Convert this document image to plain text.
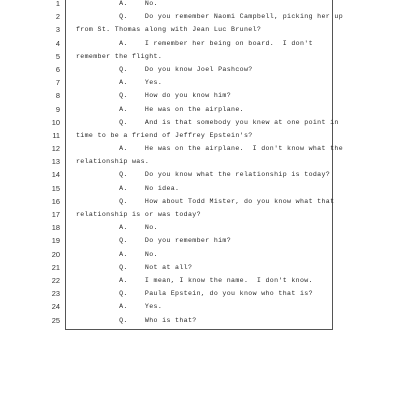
1 A.    No.
2 Q.    Do you remember Naomi Campbell, picking her up
3 from St. Thomas along with Jean Luc Brunel?
4 A.    I remember her being on board.  I don't
5 remember the flight.
6 Q.    Do you know Joel Pashcow?
7 A.    Yes.
8 Q.    How do you know him?
9 A.    He was on the airplane.
10 Q.    And is that somebody you knew at one point in
11 time to be a friend of Jeffrey Epstein's?
12 A.    He was on the airplane.  I don't know what the
13 relationship was.
14 Q.    Do you know what the relationship is today?
15 A.    No idea.
16 Q.    How about Todd Mister, do you know what that
17 relationship is or was today?
18 A.    No.
19 Q.    Do you remember him?
20 A.    No.
21 Q.    Not at all?
22 A.    I mean, I know the name.  I don't know.
23 Q.    Paula Epstein, do you know who that is?
24 A.    Yes.
25 Q.    Who is that?
